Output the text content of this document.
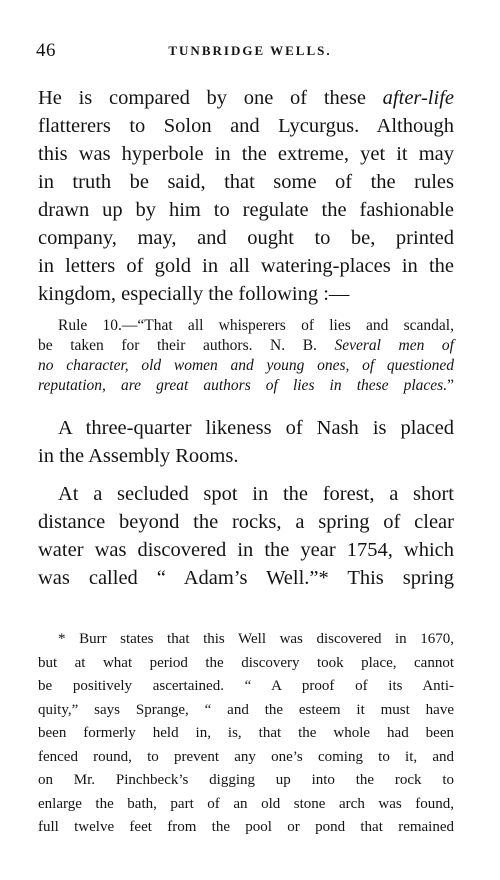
46	TUNBRIDGE WELLS.
He is compared by one of these after-life
flatterers to Solon and Lycurgus. Although
this was hyperbole in the extreme, yet it may
in truth be said, that some of the rules
drawn up by him to regulate the fashionable
company, may, and ought to be, printed
in letters of gold in all watering-places in the
kingdom, especially the following :—
Rule 10.—“That all whisperers of lies and scandal,
be taken for their authors. N. B. Several men of
no character, old women and young ones, of questioned
reputation, are great authors of lies in these places.”
A three-quarter likeness of Nash is placed
in the Assembly Rooms.
At a secluded spot in the forest, a short
distance beyond the rocks, a spring of clear
water was discovered in the year 1754, which
was called “ Adam’s Well.”* This spring
* Burr states that this Well was discovered in 1670,
but at what period the discovery took place, cannot
be positively ascertained. “ A proof of its Anti-
quity,” says Sprange, “ and the esteem it must have
been formerly held in, is, that the whole had been
fenced round, to prevent any one’s coming to it, and
on Mr. Pinchbeck’s digging up into the rock to
enlarge the bath, part of an old stone arch was found,
full twelve feet from the pool or pond that remained
